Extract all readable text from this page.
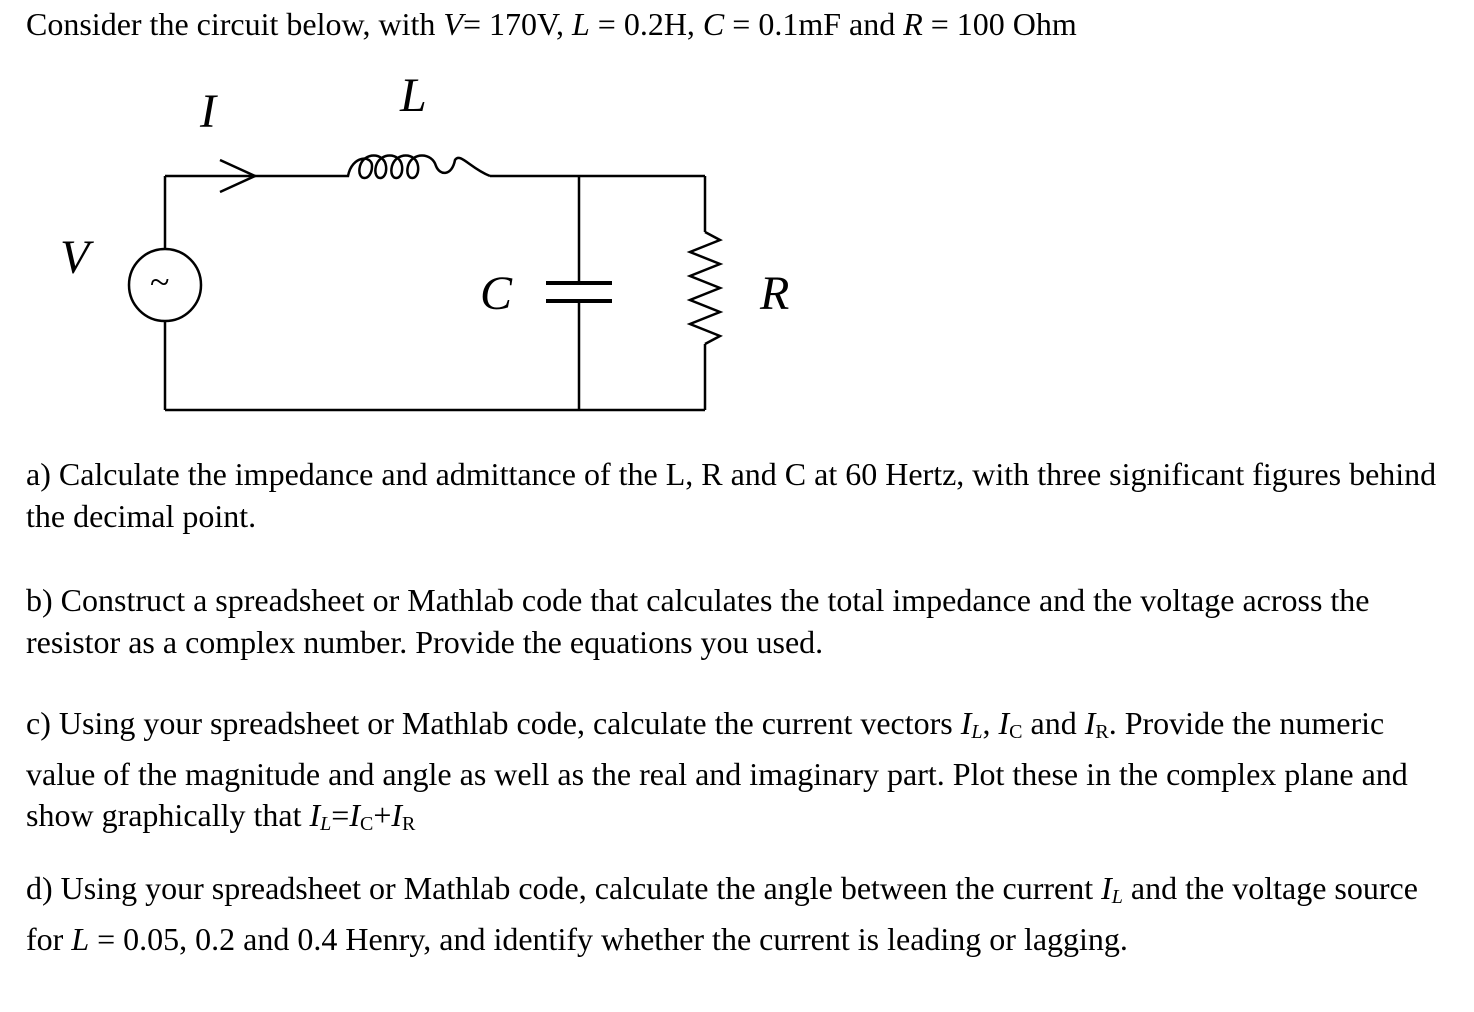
Consider the circuit below, with V= 170V, L = 0.2H, C = 0.1mF and R = 100 Ohm

I	L
V ~	C	R

a) Calculate the impedance and admittance of the L, R and C at 60 Hertz, with three significant figures behind the decimal point.

b) Construct a spreadsheet or Mathlab code that calculates the total impedance and the voltage across the resistor as a complex number. Provide the equations you used.

c) Using your spreadsheet or Mathlab code, calculate the current vectors $I_L$, $I_C$ and $I_R$. Provide the numeric value of the magnitude and angle as well as the real and imaginary part. Plot these in the complex plane and show graphically that $I_L=I_C+I_R$

d) Using your spreadsheet or Mathlab code, calculate the angle between the current $I_L$ and the voltage source for L = 0.05, 0.2 and 0.4 Henry, and identify whether the current is leading or lagging.
